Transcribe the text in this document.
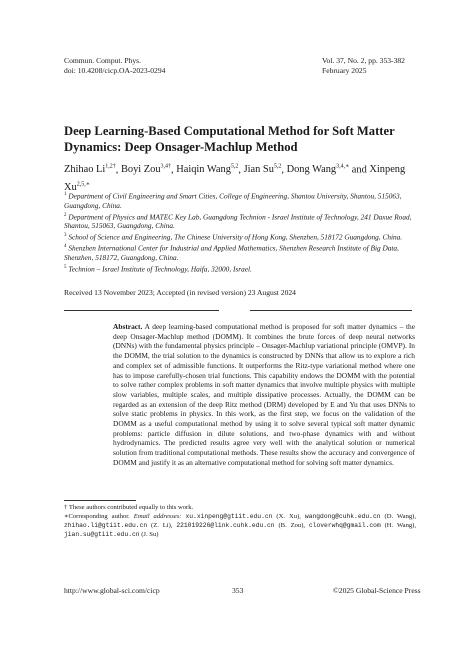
Commun. Comput. Phys.
doi: 10.4208/cicp.OA-2023-0294
Vol. 37, No. 2, pp. 353-382
February 2025
Deep Learning-Based Computational Method for Soft Matter Dynamics: Deep Onsager-Machlup Method
Zhihao $Li^{1,2\dagger}$, Boyi Zou$^{3,4\dagger}$, Haiqin Wang$^{5,2}$, Jian Su$^{5,2}$, Dong Wang$^{3,4,∗}$ and Xinpeng $Xu^{2,5,∗}$

$^1$ Department of Civil Engineering and Smart Cities, College of Engineering, Shantou University, Shantou, 515063, Guangdong, China.

$^2$ Department of Physics and MATEC Key Lab, Guangdong Technion - Israel Institute of Technology, 241 Daxue Road, Shantou, 515063, Guangdong, China.

$^3$ School of Science and Engineering, The Chinese University of Hong Kong, Shenzhen, 518172 Guangdong, China.

$^4$ Shenzhen International Center for Industrial and Applied Mathematics, Shenzhen Research Institute of Big Data, Shenzhen, 518172, Guangdong, China.

$^5$ Technion – Israel Institute of Technology, Haifa, 32000, Israel.

Received 13 November 2023; Accepted (in revised version) 23 August 2024
Abstract. A deep learning-based computational method is proposed for soft matter dynamics – the deep Onsager-Machlup method (DOMM). It combines the brute forces of deep neural networks (DNNs) with the fundamental physics principle – Onsager-Machlup variational principle (OMVP). In the DOMM, the trial solution to the dynamics is constructed by DNNs that allow us to explore a rich and complex set of admissible functions. It outperforms the Ritz-type variational method where one has to impose carefully-chosen trial functions. This capability endows the DOMM with the potential to solve rather complex problems in soft matter dynamics that involve multiple physics with multiple slow variables, multiple scales, and multiple dissipative processes. Actually, the DOMM can be regarded as an extension of the deep Ritz method (DRM) developed by E and Yu that uses DNNs to solve static problems in physics. In this work, as the first step, we focus on the validation of the DOMM as a useful computational method by using it to solve several typical soft matter dynamic problems: particle diffusion in dilute solutions, and two-phase dynamics with and without hydrodynamics. The predicted results agree very well with the analytical solution or numerical solution from traditional computational methods. These results show the accuracy and convergence of DOMM and justify it as an alternative computational method for solving soft matter dynamics.
† These authors contributed equally to this work.
∗Corresponding author. Email addresses: xu.xinpeng@gtiit.edu.cn (X. Xu), wangdong@cuhk.edu.cn (D. Wang), zhihao.li@gtiit.edu.cn (Z. Li), 221019226@link.cuhk.edu.cn (B. Zou), cloverwhq@gmail.com (H. Wang), jian.su@gtiit.edu.cn (J. Su)
http://www.global-sci.com/cicp	353	©2025 Global-Science Press
